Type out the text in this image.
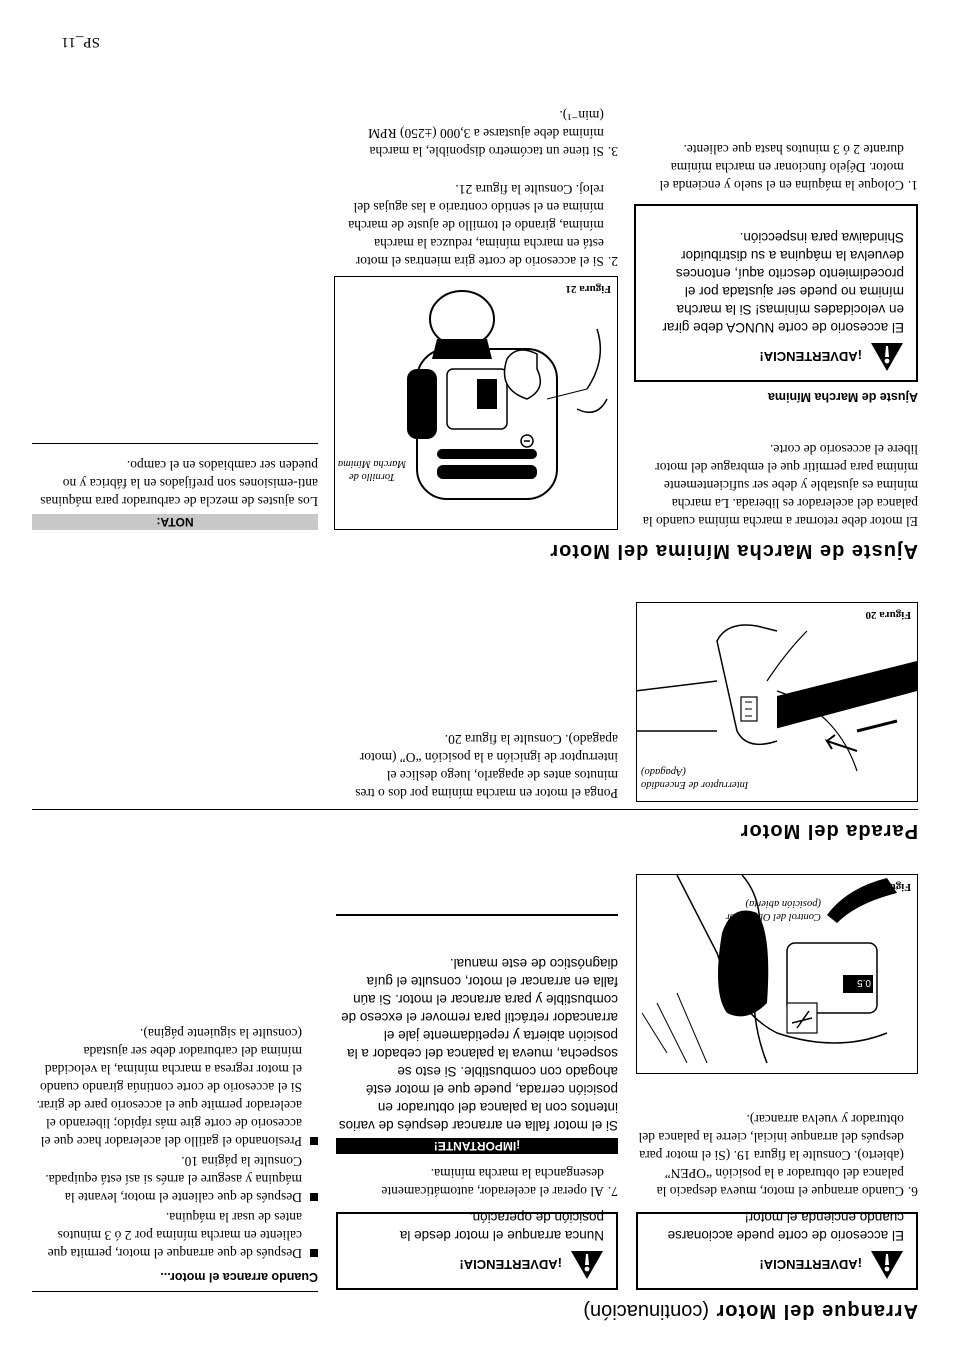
Arranque del Motor (continuación)
¡ADVERTENCIA!

El accesorio de corte puede accionarse cuando encienda el motor!

6.
Cuando arranque el motor, mueva despacio la palanca del obturador a la posición “OPEN” (abierto). Consulte la figura 19. (Si el motor para después del arranque inicial, cierre la palanca del obturador y vuelva arrancar).
0.5
Control del Obturador
(posición abierta)
Figura 19
¡ADVERTENCIA!

Nunca arranque el motor desde la posición de operación.

7.
Al operar el acelerador, automáticamente desengancha la marcha mínima.
¡IMPORTANTE!
Si el motor falla en arrancar después de varios intentos con la palanca del obturador en posición cerrada, puede que el motor esté ahogado con combustible. Si esto se sospecha, mueva la palanca del cebador a la posición abierta y repetidamente jale el arrancador retráctil para remover el exceso de combustible y para arrancar el motor. Si aún falla en arrancar el motor, consulte el guía diagnóstico de este manual.
Cuando arranca el motor...
Después de que arranque el motor, permita que caliente en marcha mínima por 2 ó 3 minutos antes de usar la máquina.
Después de que caliente el motor, levante la máquina y asegure el arnés si así está equipada. Consulte la página 10.
Presionando el gatillo del acelerador hace que el accesorio de corte gire más rápido; liberando el acelerador permite que el accesorio pare de girar. Si el accesorio de corte continúa girando cuando el motor regresa a marcha mínima, la velocidad mínima del carburador debe ser ajustada (consulte la siguiente página).
Parada del Motor
Interruptor de Encendido
(Apagado)
Figura 20
Ponga el motor en marcha mínima por dos o tres minutos antes de apagarlo, luego deslice el interruptor de ignición a la posición “O” (motor apagado). Consulte la figura 20.
Ajuste de Marcha Mínima del Motor
El motor debe retornar a marcha mínima cuando la palanca del acelerador es liberada. La marcha mínima es ajustable y debe ser suficientemente mínima para permitir que el embrague del motor libere el accesorio de corte.
Ajuste de Marcha Mínima
¡ADVERTENCIA!

El accesorio de corte NUNCA debe girar en velocidades mínimas! Si la marcha mínima no puede ser ajustada por el procedimiento descrito aquí, entonces devuelva la máquina a su distribuidor Shindaiwa para inspección.

1.
Coloque la máquina en el suelo y encienda el motor. Déjelo funcionar en marcha mínima durante 2 ó 3 minutos hasta que caliente.
Tornillo de
Marcha Mínima
Figura 21
2.
Si el accesorio de corte gira mientras el motor está en marcha mínima, reduzca la marcha mínima, girando el tornillo de ajuste de marcha mínima en el sentido contrario a las agujas del reloj. Consulte la figura 21.
3.
Si tiene un tacómetro disponible, la marcha mínima debe ajustarse a 3,000 (±250) RPM (min⁻¹).
NOTA:
Los ajustes de mezcla de carburador para máquinas anti-emisiones son prefijados en la fábrica y no pueden ser cambiados en el campo.
SP_11
